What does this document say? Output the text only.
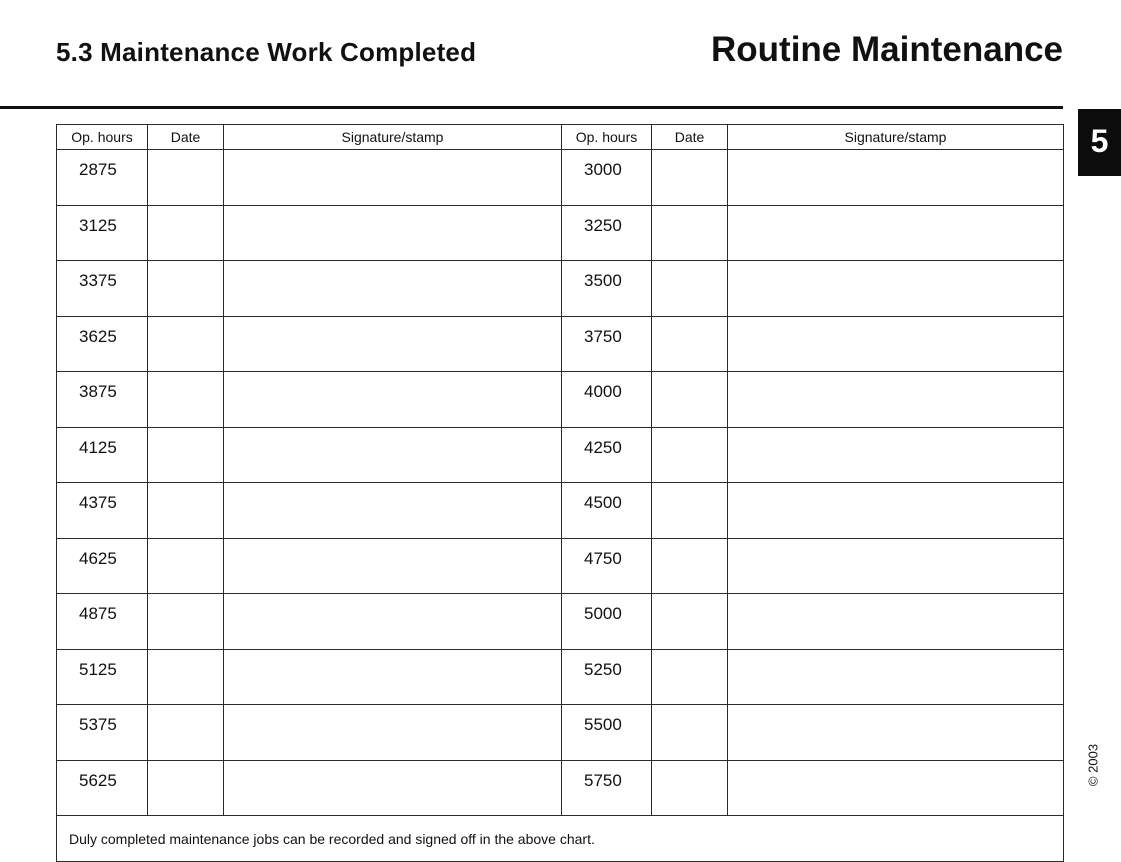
5.3 Maintenance Work Completed	Routine Maintenance
5
Op. hours	Date	Signature/stamp	Op. hours	Date	Signature/stamp
2875			3000		
3125			3250		
3375			3500		
3625			3750		
3875			4000		
4125			4250		
4375			4500		
4625			4750		
4875			5000		
5125			5250		
5375			5500		
5625			5750		
Duly completed maintenance jobs can be recorded and signed off in the above chart.					
© 2003
